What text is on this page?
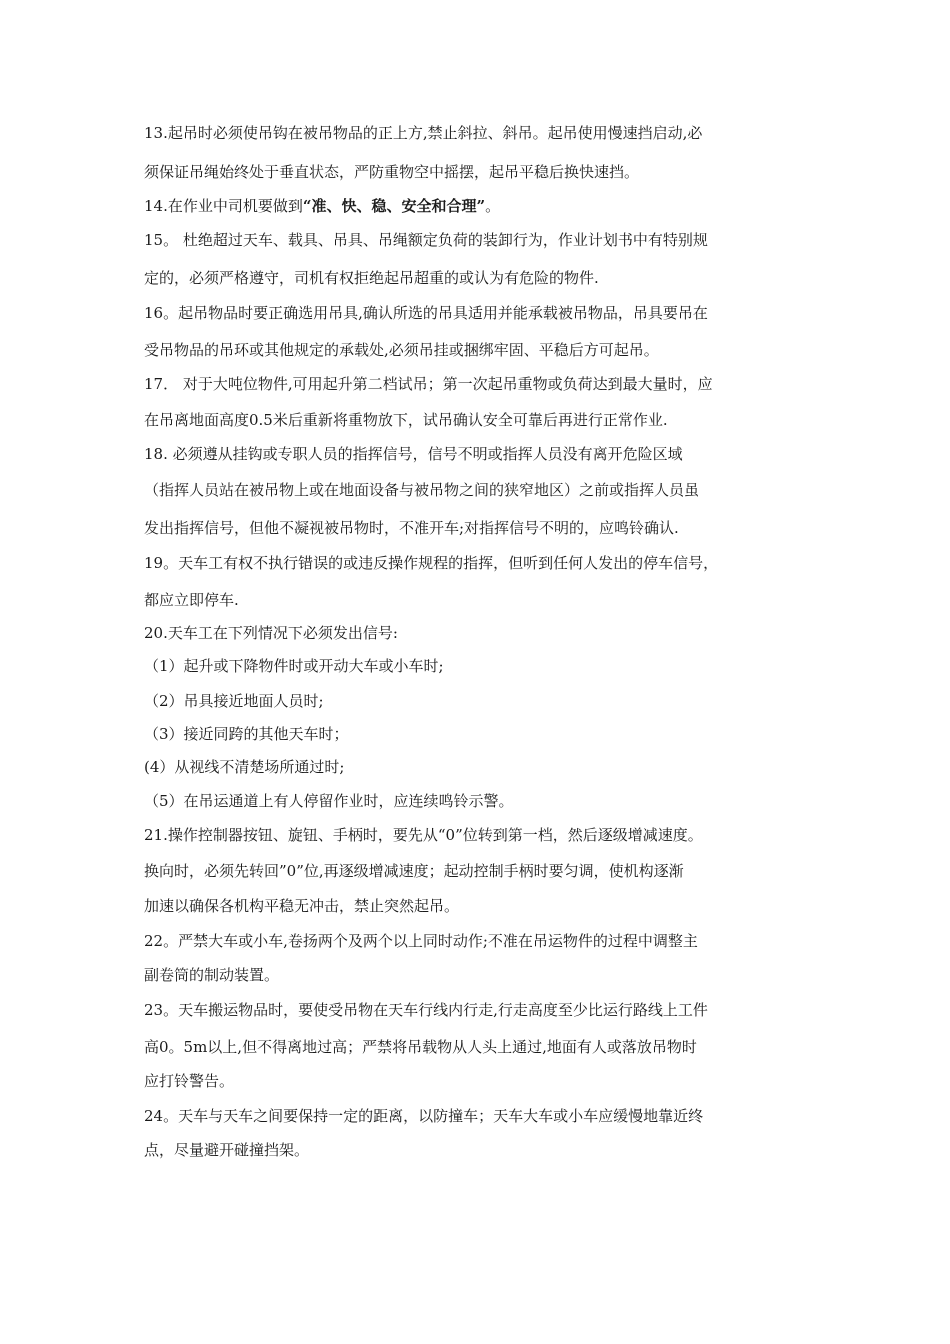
13.起吊时必须使吊钩在被吊物品的正上方,禁止斜拉、斜吊。起吊使用慢速挡启动,必
须保证吊绳始终处于垂直状态，严防重物空中摇摆，起吊平稳后换快速挡。
14.在作业中司机要做到“准、快、稳、安全和合理”。
15。 杜绝超过天车、载具、吊具、吊绳额定负荷的装卸行为，作业计划书中有特别规
定的，必须严格遵守，司机有权拒绝起吊超重的或认为有危险的物件.
16。起吊物品时要正确选用吊具,确认所选的吊具适用并能承载被吊物品，吊具要吊在
受吊物品的吊环或其他规定的承载处,必须吊挂或捆绑牢固、平稳后方可起吊。
17． 对于大吨位物件,可用起升第二档试吊；第一次起吊重物或负荷达到最大量时，应
在吊离地面高度0.5米后重新将重物放下，试吊确认安全可靠后再进行正常作业.
18. 必须遵从挂钩或专职人员的指挥信号，信号不明或指挥人员没有离开危险区域
（指挥人员站在被吊物上或在地面设备与被吊物之间的狭窄地区）之前或指挥人员虽
发出指挥信号，但他不凝视被吊物时，不准开车;对指挥信号不明的，应鸣铃确认.
19。天车工有权不执行错误的或违反操作规程的指挥，但听到任何人发出的停车信号，
都应立即停车.
20.天车工在下列情况下必须发出信号:
（1）起升或下降物件时或开动大车或小车时;
（2）吊具接近地面人员时;
（3）接近同跨的其他天车时；
(4）从视线不清楚场所通过时;
（5）在吊运通道上有人停留作业时，应连续鸣铃示警。
21.操作控制器按钮、旋钮、手柄时，要先从“0”位转到第一档，然后逐级增减速度。
换向时，必须先转回”0”位,再逐级增减速度；起动控制手柄时要匀调，使机构逐渐
加速以确保各机构平稳无冲击，禁止突然起吊。
22。严禁大车或小车,卷扬两个及两个以上同时动作;不准在吊运物件的过程中调整主
副卷筒的制动装置。
23。天车搬运物品时，要使受吊物在天车行线内行走,行走高度至少比运行路线上工件
高0。5m以上,但不得离地过高；严禁将吊载物从人头上通过,地面有人或落放吊物时
应打铃警告。
24。天车与天车之间要保持一定的距离，以防撞车；天车大车或小车应缓慢地靠近终
点，尽量避开碰撞挡架。
